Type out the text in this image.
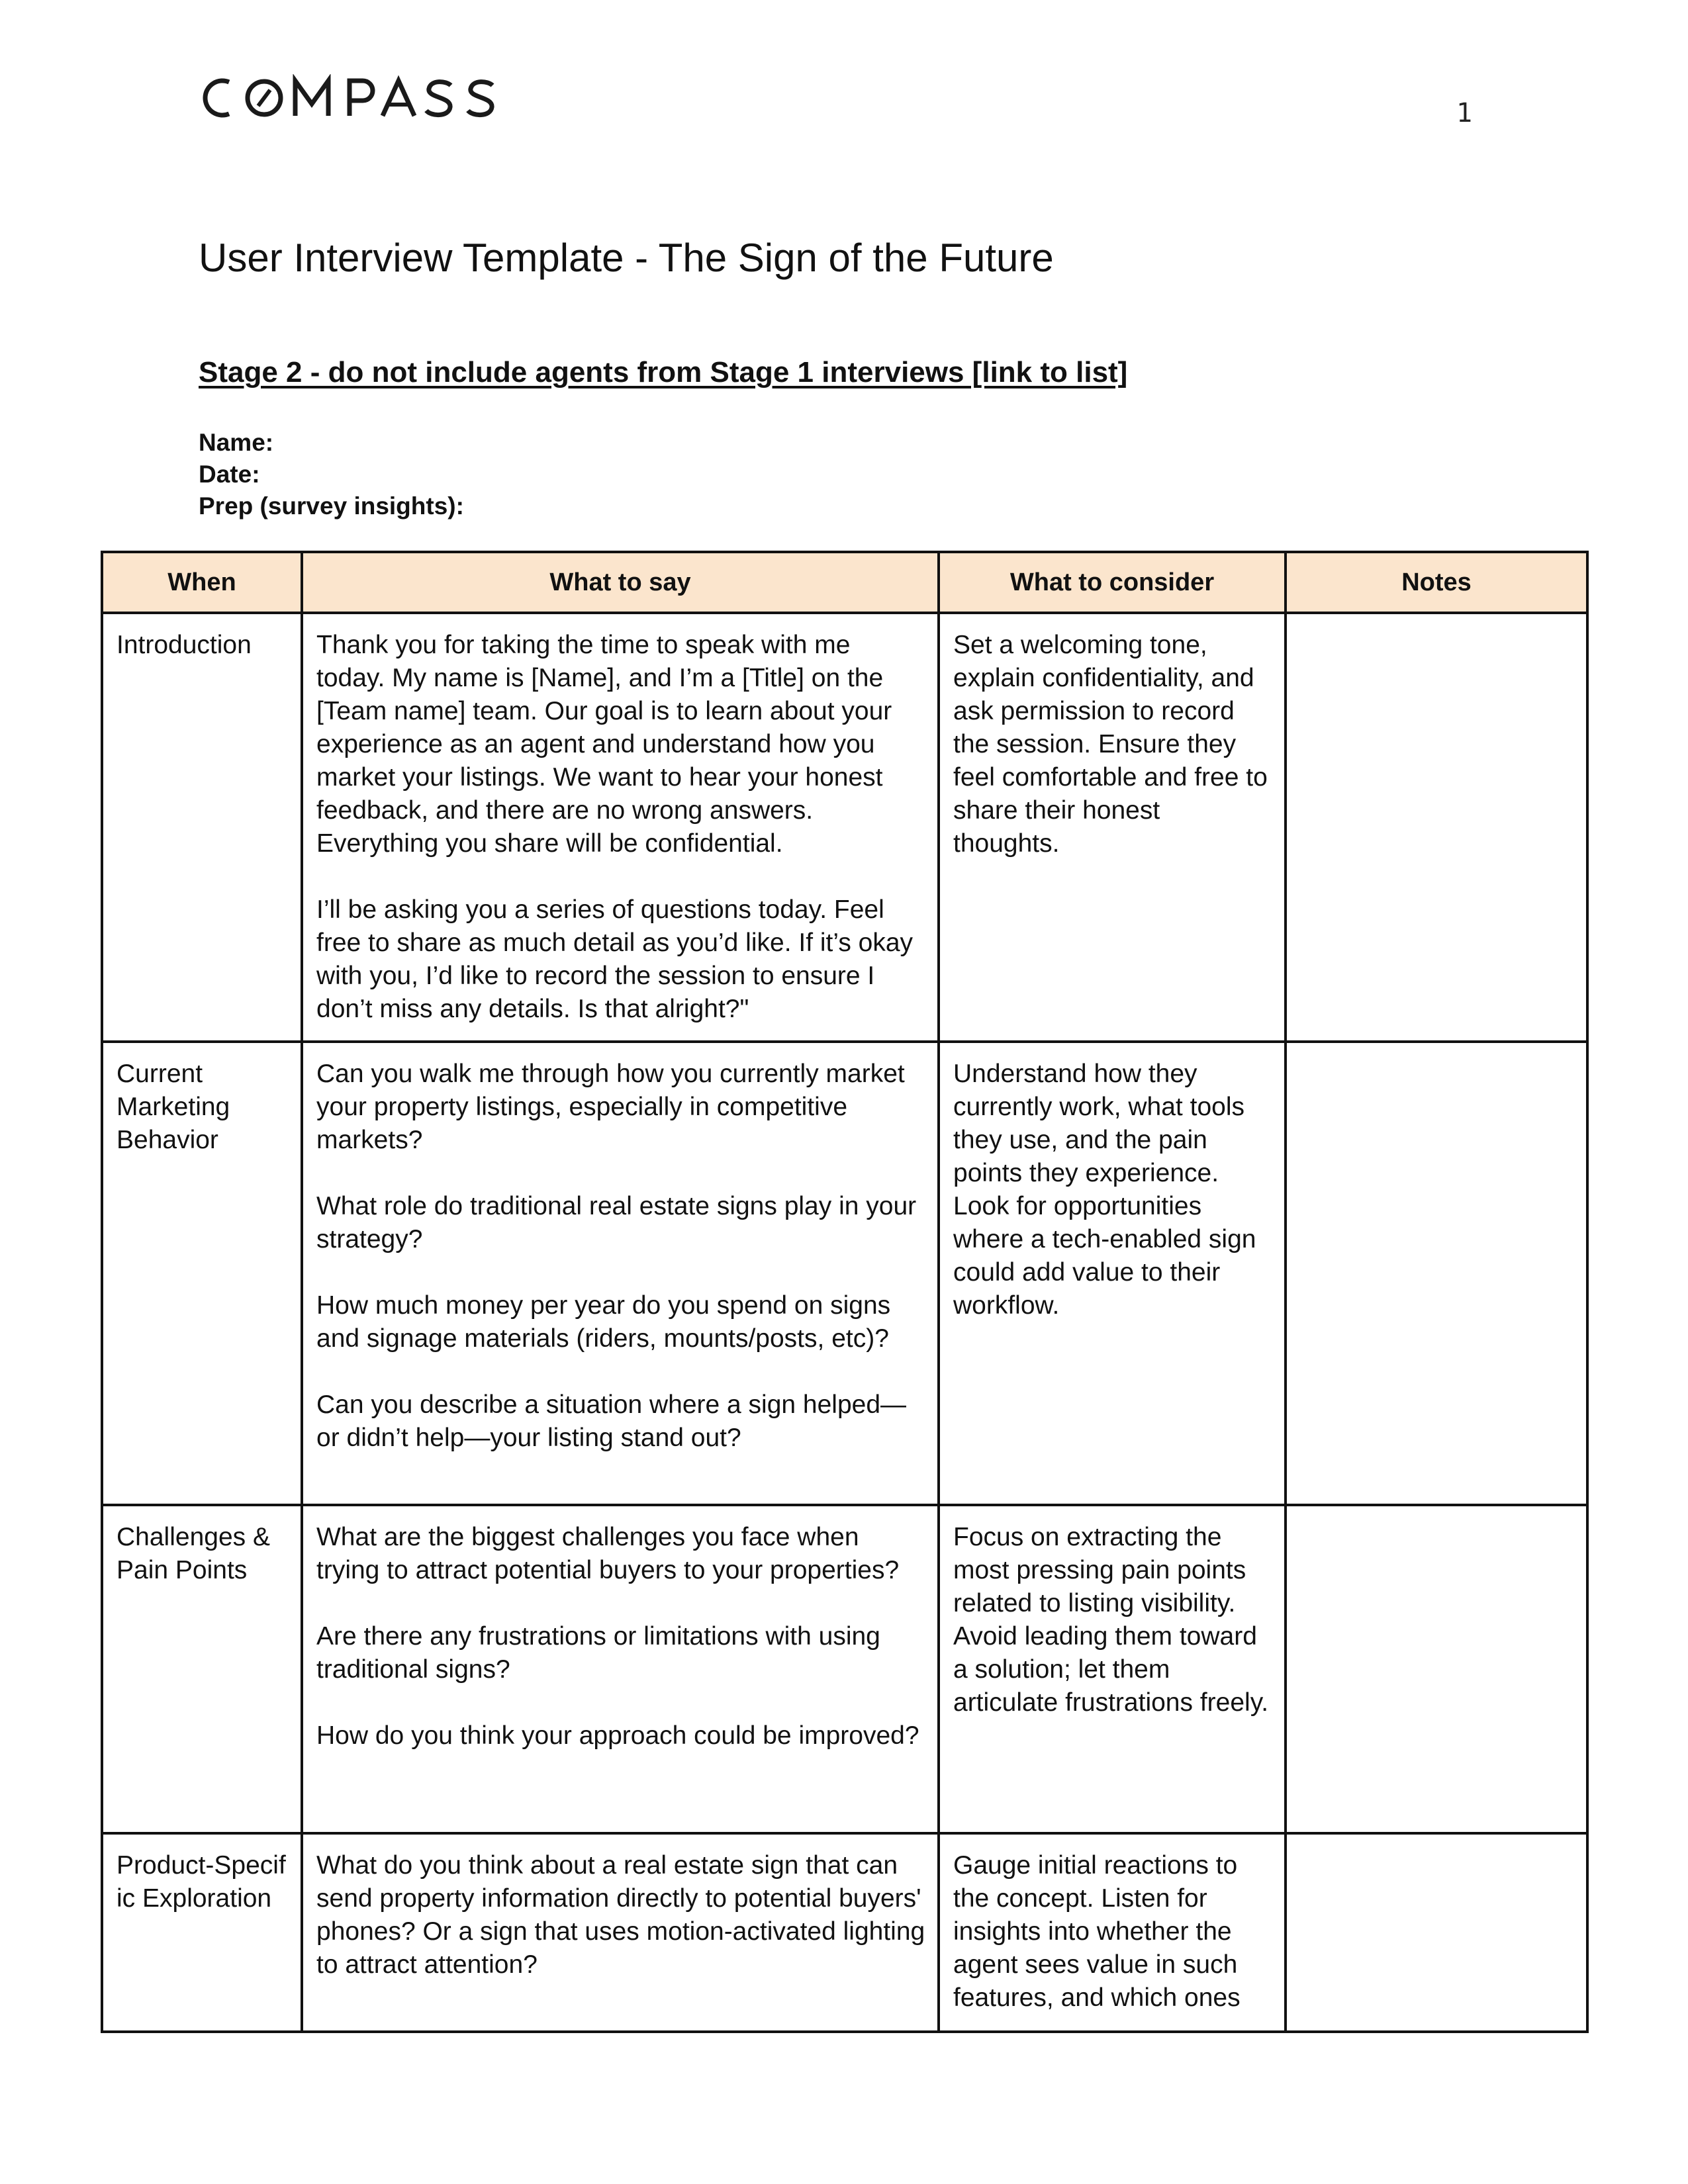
1
User Interview Template - The Sign of the Future
Stage 2 - do not include agents from Stage 1 interviews [link to list]
Name:
Date:
Prep (survey insights):
When	What to say	What to consider	Notes
Introduction	Thank you for taking the time to speak with me today. My name is [Name], and I’m a [Title] on the [Team name] team. Our goal is to learn about your experience as an agent and understand how you market your listings. We want to hear your honest feedback, and there are no wrong answers. Everything you share will be confidential.

I’ll be asking you a series of questions today. Feel free to share as much detail as you’d like. If it’s okay with you, I’d like to record the session to ensure I don’t miss any details. Is that alright?"	Set a welcoming tone, explain confidentiality, and ask permission to record the session. Ensure they feel comfortable and free to share their honest thoughts.	
Current Marketing Behavior	Can you walk me through how you currently market your property listings, especially in competitive markets?

What role do traditional real estate signs play in your strategy?

How much money per year do you spend on signs and signage materials (riders, mounts/posts, etc)?

Can you describe a situation where a sign helped—or didn’t help—your listing stand out?	Understand how they currently work, what tools they use, and the pain points they experience. Look for opportunities where a tech-enabled sign could add value to their workflow.	
Challenges & Pain Points	What are the biggest challenges you face when trying to attract potential buyers to your properties?

Are there any frustrations or limitations with using traditional signs?

How do you think your approach could be improved?	Focus on extracting the most pressing pain points related to listing visibility. Avoid leading them toward a solution; let them articulate frustrations freely.	
Product-Specific Exploration	What do you think about a real estate sign that can send property information directly to potential buyers' phones? Or a sign that uses motion-activated lighting to attract attention?	Gauge initial reactions to the concept. Listen for insights into whether the agent sees value in such features, and which ones	
